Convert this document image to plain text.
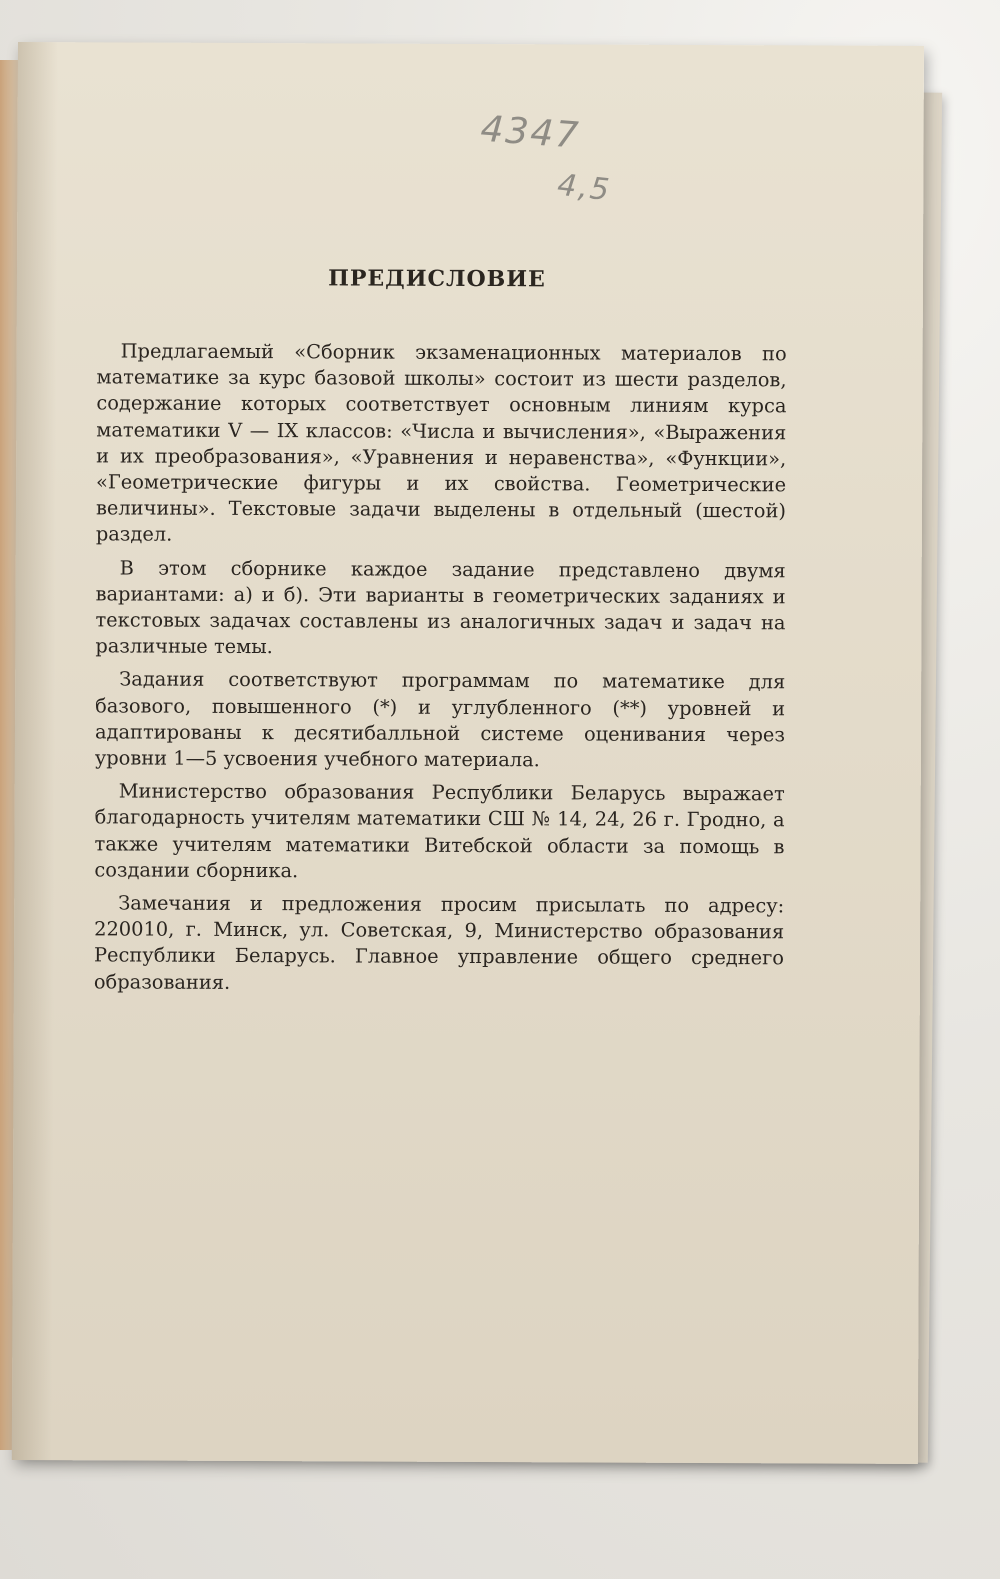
4347
4,5
ПРЕДИСЛОВИЕ

Предлагаемый «Сборник экзаменационных материалов по математике за курс базовой школы» состоит из шести разделов, содержание которых соответствует основным линиям курса математики V — IX классов: «Числа и вычисления», «Выражения и их преобразования», «Уравнения и неравенства», «Функции», «Геометрические фигуры и их свойства. Геометрические величины». Текстовые задачи выделены в отдельный (шестой) раздел.

В этом сборнике каждое задание представлено двумя вариантами: а) и б). Эти варианты в геометрических заданиях и текстовых задачах составлены из аналогичных задач и задач на различные темы.

Задания соответствуют программам по математике для базового, повышенного (*) и углубленного (**) уровней и адаптированы к десятибалльной системе оценивания через уровни 1—5 усвоения учебного материала.

Министерство образования Республики Беларусь выражает благодарность учителям математики СШ № 14, 24, 26 г. Гродно, а также учителям математики Витебской области за помощь в создании сборника.

Замечания и предложения просим присылать по адресу: 220010, г. Минск, ул. Советская, 9, Министерство образования Республики Беларусь. Главное управление общего среднего образования.
